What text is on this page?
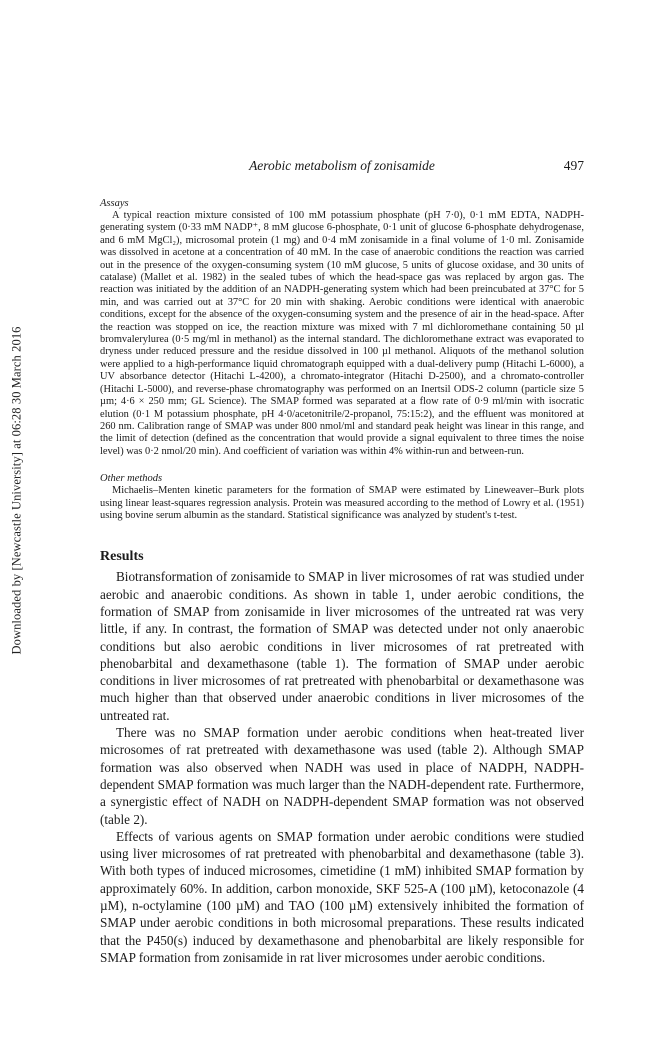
Downloaded by [Newcastle University] at 06:28 30 March 2016
Aerobic metabolism of zonisamide	497

Assays

A typical reaction mixture consisted of 100 mM potassium phosphate (pH 7·0), 0·1 mM EDTA, NADPH-generating system (0·33 mM NADP⁺, 8 mM glucose 6-phosphate, 0·1 unit of glucose 6-phosphate dehydrogenase, and 6 mM MgCl₂), microsomal protein (1 mg) and 0·4 mM zonisamide in a final volume of 1·0 ml. Zonisamide was dissolved in acetone at a concentration of 40 mM. In the case of anaerobic conditions the reaction was carried out in the presence of the oxygen-consuming system (10 mM glucose, 5 units of glucose oxidase, and 30 units of catalase) (Mallet et al. 1982) in the sealed tubes of which the head-space gas was replaced by argon gas. The reaction was initiated by the addition of an NADPH-generating system which had been preincubated at 37°C for 5 min, and was carried out at 37°C for 20 min with shaking. Aerobic conditions were identical with anaerobic conditions, except for the absence of the oxygen-consuming system and the presence of air in the head-space. After the reaction was stopped on ice, the reaction mixture was mixed with 7 ml dichloromethane containing 50 µl bromvalerylurea (0·5 mg/ml in methanol) as the internal standard. The dichloromethane extract was evaporated to dryness under reduced pressure and the residue dissolved in 100 µl methanol. Aliquots of the methanol solution were applied to a high-performance liquid chromatograph equipped with a dual-delivery pump (Hitachi L-6000), a UV absorbance detector (Hitachi L-4200), a chromato-integrator (Hitachi D-2500), and a chromato-controller (Hitachi L-5000), and reverse-phase chromatography was performed on an Inertsil ODS-2 column (particle size 5 µm; 4·6 × 250 mm; GL Science). The SMAP formed was separated at a flow rate of 0·9 ml/min with isocratic elution (0·1 M potassium phosphate, pH 4·0/acetonitrile/2-propanol, 75:15:2), and the effluent was monitored at 260 nm. Calibration range of SMAP was under 800 nmol/ml and standard peak height was linear in this range, and the limit of detection (defined as the concentration that would provide a signal equivalent to three times the noise level) was 0·2 nmol/20 min). And coefficient of variation was within 4% within-run and between-run.

Other methods

Michaelis–Menten kinetic parameters for the formation of SMAP were estimated by Lineweaver–Burk plots using linear least-squares regression analysis. Protein was measured according to the method of Lowry et al. (1951) using bovine serum albumin as the standard. Statistical significance was analyzed by student's t-test.

Results

Biotransformation of zonisamide to SMAP in liver microsomes of rat was studied under aerobic and anaerobic conditions. As shown in table 1, under aerobic conditions, the formation of SMAP from zonisamide in liver microsomes of the untreated rat was very little, if any. In contrast, the formation of SMAP was detected under not only anaerobic conditions but also aerobic conditions in liver microsomes of rat pretreated with phenobarbital and dexamethasone (table 1). The formation of SMAP under aerobic conditions in liver microsomes of rat pretreated with phenobarbital or dexamethasone was much higher than that observed under anaerobic conditions in liver microsomes of the untreated rat.

There was no SMAP formation under aerobic conditions when heat-treated liver microsomes of rat pretreated with dexamethasone was used (table 2). Although SMAP formation was also observed when NADH was used in place of NADPH, NADPH-dependent SMAP formation was much larger than the NADH-dependent rate. Furthermore, a synergistic effect of NADH on NADPH-dependent SMAP formation was not observed (table 2).

Effects of various agents on SMAP formation under aerobic conditions were studied using liver microsomes of rat pretreated with phenobarbital and dexamethasone (table 3). With both types of induced microsomes, cimetidine (1 mM) inhibited SMAP formation by approximately 60%. In addition, carbon monoxide, SKF 525-A (100 µM), ketoconazole (4 µM), n-octylamine (100 µM) and TAO (100 µM) extensively inhibited the formation of SMAP under aerobic conditions in both microsomal preparations. These results indicated that the P450(s) induced by dexamethasone and phenobarbital are likely responsible for SMAP formation from zonisamide in rat liver microsomes under aerobic conditions.
